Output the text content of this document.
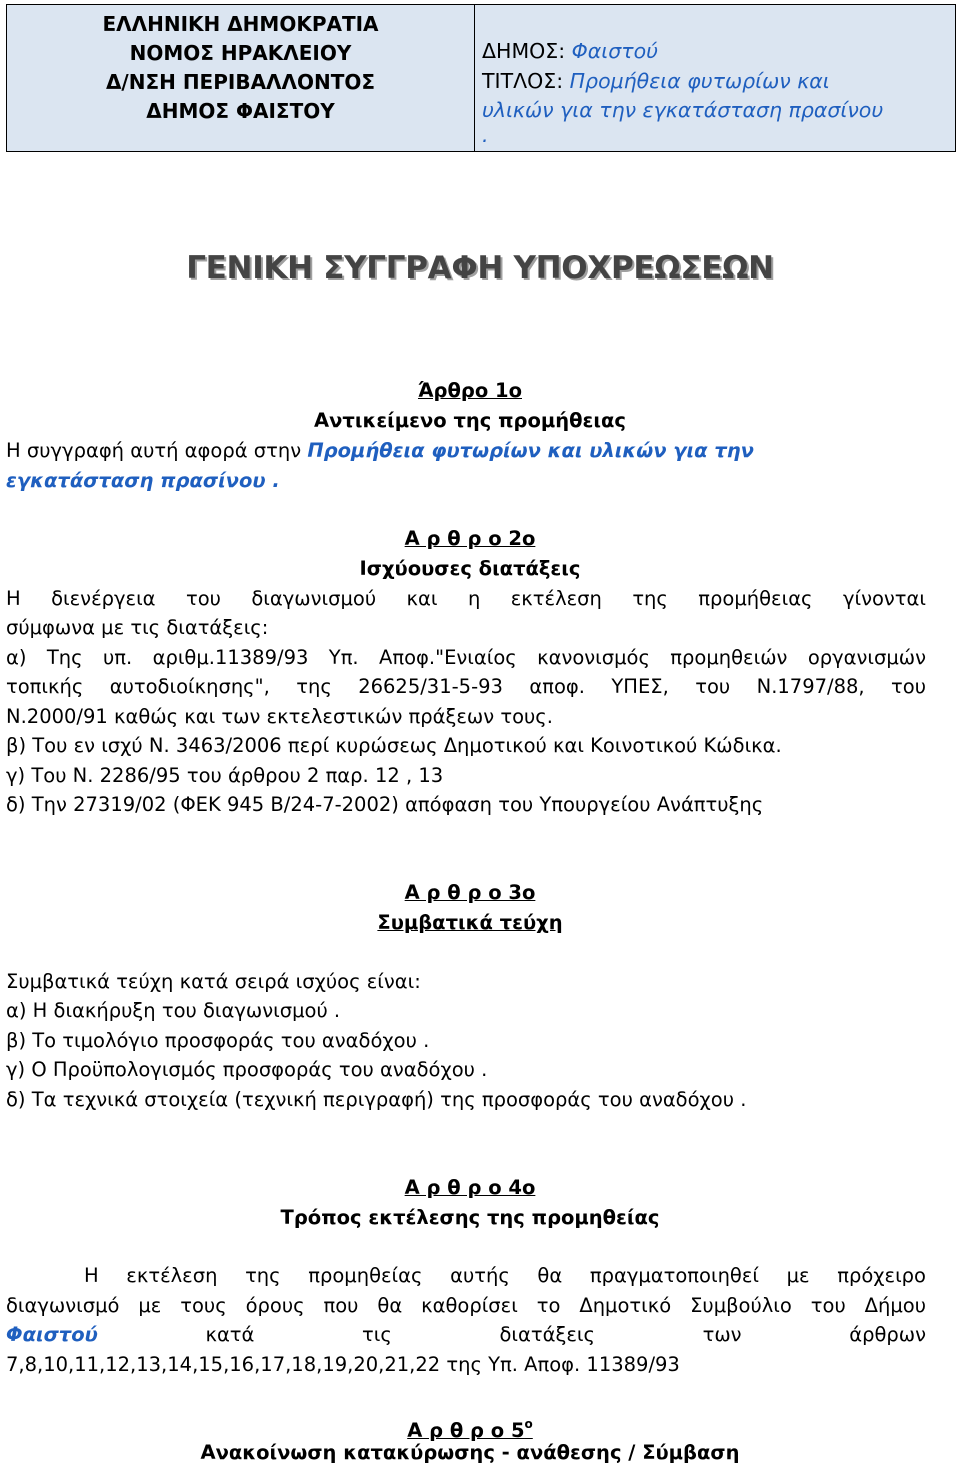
ΕΛΛΗΝΙΚΗ ΔΗΜΟΚΡΑΤΙΑ
ΝΟΜΟΣ ΗΡΑΚΛΕΙΟΥ
Δ/ΝΣΗ ΠΕΡΙΒΑΛΛΟΝΤΟΣ
ΔΗΜΟΣ ΦΑΙΣΤΟΥ
ΔΗΜΟΣ: Φαιστού
ΤΙΤΛΟΣ: Προμήθεια φυτωρίων και
υλικών για την εγκατάσταση πρασίνου
.
ΓΕΝΙΚΗ ΣΥΓΓΡΑΦΗ ΥΠΟΧΡΕΩΣΕΩΝ
Άρθρο 1ο
Αντικείμενο της προμήθειας
Η συγγραφή αυτή αφορά στην Προμήθεια φυτωρίων και υλικών για την
εγκατάσταση πρασίνου .
Α ρ θ ρ ο 2ο
Ισχύουσες διατάξεις
Η διενέργεια του διαγωνισμού και η εκτέλεση της προμήθειας γίνονται
σύμφωνα με τις διατάξεις:
α) Της υπ. αριθμ.11389/93 Υπ. Αποφ."Ενιαίος κανονισμός προμηθειών οργανισμών
τοπικής αυτοδιοίκησης", της 26625/31-5-93 αποφ. ΥΠΕΣ, του Ν.1797/88, του
Ν.2000/91 καθώς και των εκτελεστικών πράξεων τους.
β) Του εν ισχύ Ν. 3463/2006 περί κυρώσεως Δημοτικού και Κοινοτικού Κώδικα.
γ) Του Ν. 2286/95 του άρθρου 2 παρ. 12 , 13
δ) Την 27319/02 (ΦΕΚ 945 Β/24-7-2002) απόφαση του Υπουργείου Ανάπτυξης
Α ρ θ ρ ο 3ο
Συμβατικά τεύχη
Συμβατικά τεύχη κατά σειρά ισχύος είναι:
α) Η διακήρυξη του διαγωνισμού .
β) Το τιμολόγιο προσφοράς του αναδόχου .
γ) Ο Προϋπολογισμός προσφοράς του αναδόχου .
δ) Τα τεχνικά στοιχεία (τεχνική περιγραφή) της προσφοράς του αναδόχου .
Α ρ θ ρ ο 4ο
Τρόπος εκτέλεσης της προμηθείας
Η εκτέλεση της προμηθείας αυτής θα πραγματοποιηθεί με πρόχειρο
διαγωνισμό με τους όρους που θα καθορίσει το Δημοτικό Συμβούλιο του Δήμου
Φαιστού	κατά τις διατάξεις των άρθρων
7,8,10,11,12,13,14,15,16,17,18,19,20,21,22 της Υπ. Αποφ. 11389/93
Α ρ θ ρ ο $5^o$
Ανακοίνωση κατακύρωσης - ανάθεσης / Σύμβαση
